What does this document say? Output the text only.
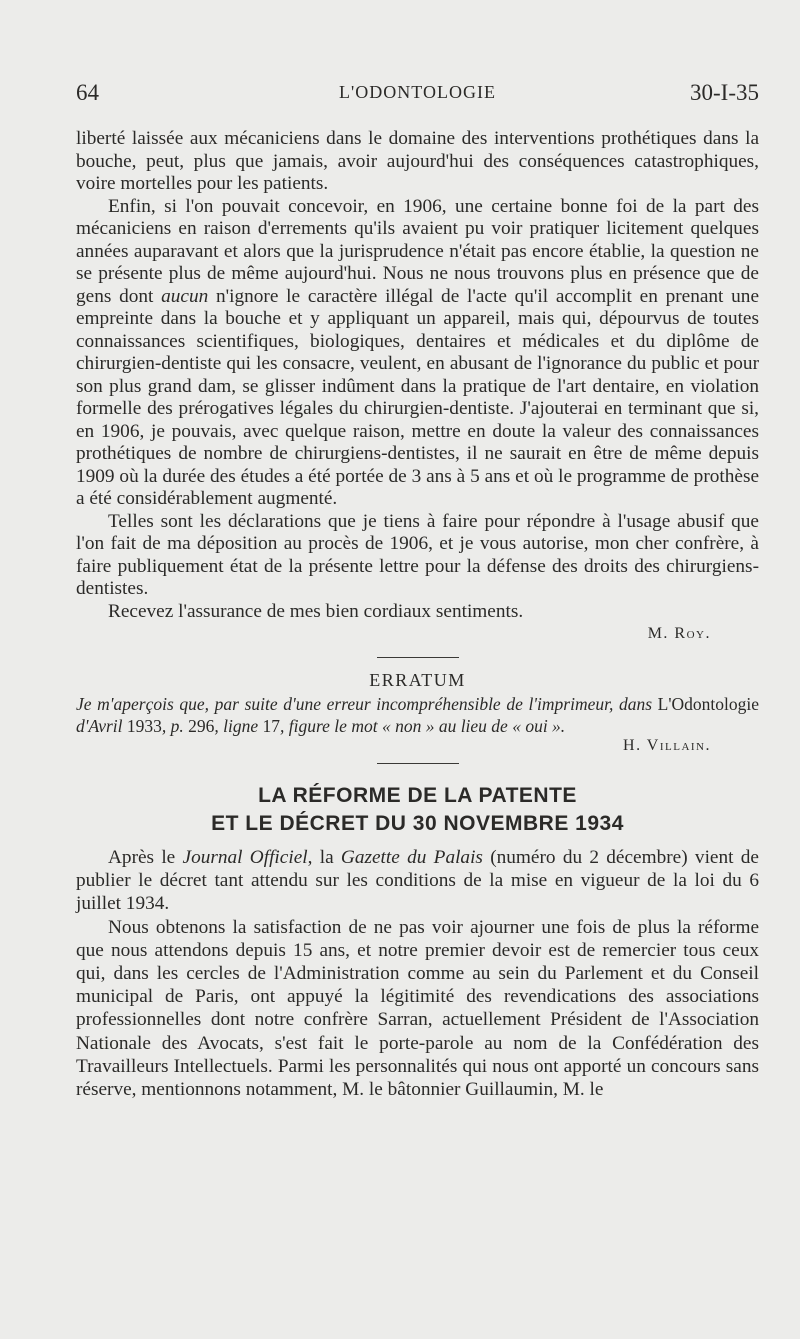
64	L'ODONTOLOGIE	30-I-35

liberté laissée aux mécaniciens dans le domaine des interventions prothétiques dans la bouche, peut, plus que jamais, avoir aujourd'hui des conséquences catastrophiques, voire mortelles pour les patients.

Enfin, si l'on pouvait concevoir, en 1906, une certaine bonne foi de la part des mécaniciens en raison d'errements qu'ils avaient pu voir pratiquer licitement quelques années auparavant et alors que la jurisprudence n'était pas encore établie, la question ne se présente plus de même aujourd'hui. Nous ne nous trouvons plus en présence que de gens dont aucun n'ignore le caractère illégal de l'acte qu'il accomplit en prenant une empreinte dans la bouche et y appliquant un appareil, mais qui, dépourvus de toutes connaissances scientifiques, biologiques, dentaires et médicales et du diplôme de chirurgien-dentiste qui les consacre, veulent, en abusant de l'ignorance du public et pour son plus grand dam, se glisser indûment dans la pratique de l'art dentaire, en violation formelle des prérogatives légales du chirurgien-dentiste. J'ajouterai en terminant que si, en 1906, je pouvais, avec quelque raison, mettre en doute la valeur des connaissances prothétiques de nombre de chirurgiens-dentistes, il ne saurait en être de même depuis 1909 où la durée des études a été portée de 3 ans à 5 ans et où le programme de prothèse a été considérablement augmenté.

Telles sont les déclarations que je tiens à faire pour répondre à l'usage abusif que l'on fait de ma déposition au procès de 1906, et je vous autorise, mon cher confrère, à faire publiquement état de la présente lettre pour la défense des droits des chirurgiens-dentistes.

Recevez l'assurance de mes bien cordiaux sentiments.

M. Roy.

ERRATUM

Je m'aperçois que, par suite d'une erreur incompréhensible de l'imprimeur, dans L'Odontologie d'Avril 1933, p. 296, ligne 17, figure le mot « non » au lieu de « oui ».

H. Villain.

LA RÉFORME DE LA PATENTE

ET LE DÉCRET DU 30 NOVEMBRE 1934

Après le Journal Officiel, la Gazette du Palais (numéro du 2 décembre) vient de publier le décret tant attendu sur les conditions de la mise en vigueur de la loi du 6 juillet 1934.

Nous obtenons la satisfaction de ne pas voir ajourner une fois de plus la réforme que nous attendons depuis 15 ans, et notre premier devoir est de remercier tous ceux qui, dans les cercles de l'Administration comme au sein du Parlement et du Conseil municipal de Paris, ont appuyé la légitimité des revendications des associations professionnelles dont notre confrère Sarran, actuellement Président de l'Association Nationale des Avocats, s'est fait le porte-parole au nom de la Confédération des Travailleurs Intellectuels. Parmi les personnalités qui nous ont apporté un concours sans réserve, mentionnons notamment, M. le bâtonnier Guillaumin, M. le
